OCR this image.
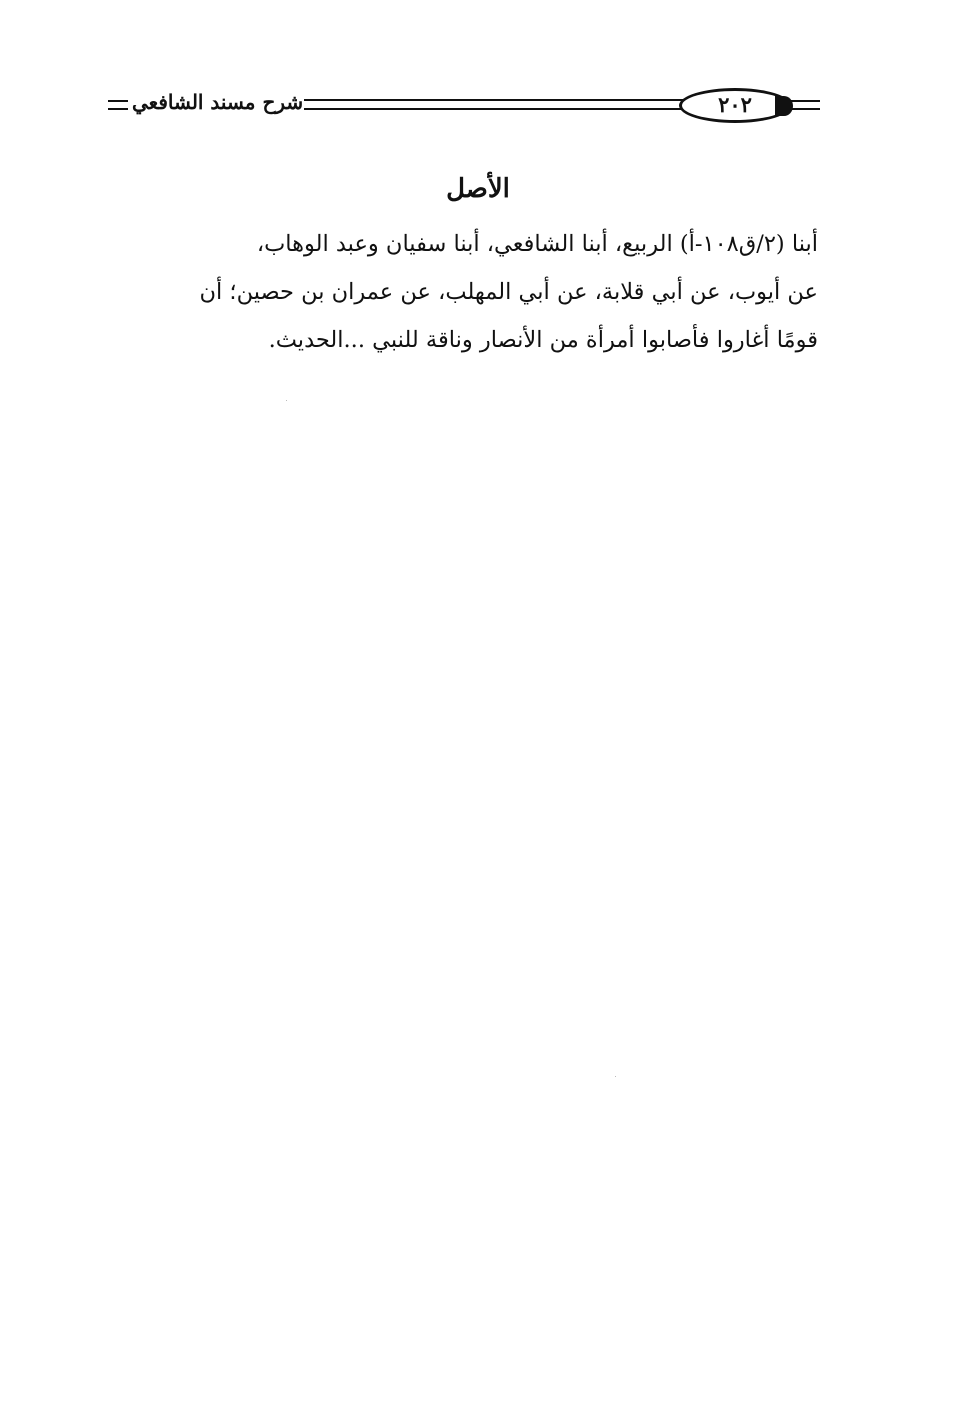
شرح مسند الشافعي	٢٠٢
الأصل
أبنا (٢/ق١٠٨-أ) الربيع، أبنا الشافعي، أبنا سفيان وعبد الوهاب،
عن أيوب، عن أبي قلابة، عن أبي المهلب، عن عمران بن حصين؛ أن
قومًا أغاروا فأصابوا أمرأة من الأنصار وناقة للنبي ...الحديث.
